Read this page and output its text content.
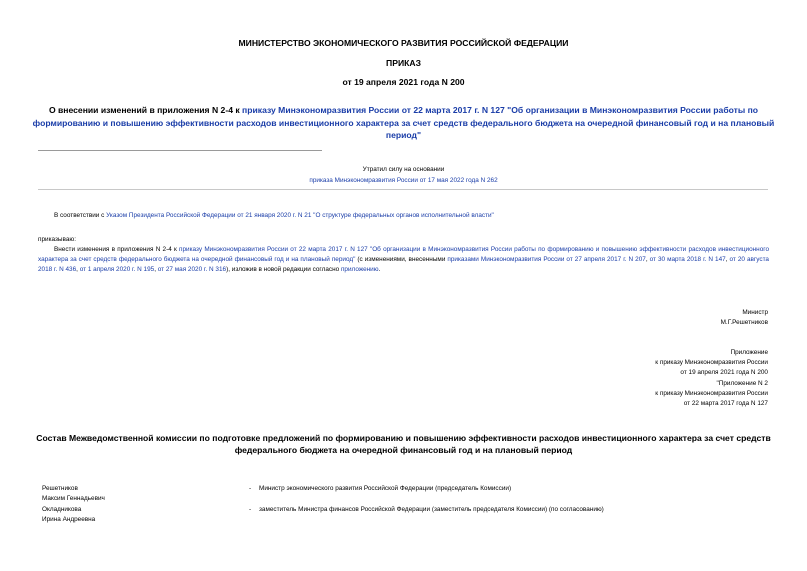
МИНИСТЕРСТВО ЭКОНОМИЧЕСКОГО РАЗВИТИЯ РОССИЙСКОЙ ФЕДЕРАЦИИ
ПРИКАЗ
от 19 апреля 2021 года N 200
О внесении изменений в приложения N 2-4 к приказу Минэкономразвития России от 22 марта 2017 г. N 127 "Об организации в Минэкономразвития России работы по формированию и повышению эффективности расходов инвестиционного характера за счет средств федерального бюджета на очередной финансовый год и на плановый период"
Утратил силу на основании
приказа Минэкономразвития России от 17 мая 2022 года N 262
В соответствии с Указом Президента Российской Федерации от 21 января 2020 г. N 21 "О структуре федеральных органов исполнительной власти"
приказываю:
Внести изменения в приложения N 2-4 к приказу Минэкономразвития России от 22 марта 2017 г. N 127 "Об организации в Минэкономразвития России работы по формированию и повышению эффективности расходов инвестиционного характера за счет средств федерального бюджета на очередной финансовый год и на плановый период" (с изменениями, внесенными приказами Минэкономразвития России от 27 апреля 2017 г. N 207, от 30 марта 2018 г. N 147, от 20 августа 2018 г. N 436, от 1 апреля 2020 г. N 195, от 27 мая 2020 г. N 316), изложив в новой редакции согласно приложению.
Министр
М.Г.Решетников
Приложение
к приказу Минэкономразвития России
от 19 апреля 2021 года N 200
"Приложение N 2
к приказу Минэкономразвития России
от 22 марта 2017 года N 127
Состав Межведомственной комиссии по подготовке предложений по формированию и повышению эффективности расходов инвестиционного характера за счет средств федерального бюджета на очередной финансовый год и на плановый период
Решетников
Максим Геннадьевич
- Министр экономического развития Российской Федерации (председатель Комиссии)
Окладникова
Ирина Андреевна
- заместитель Министра финансов Российской Федерации (заместитель председателя Комиссии) (по согласованию)
